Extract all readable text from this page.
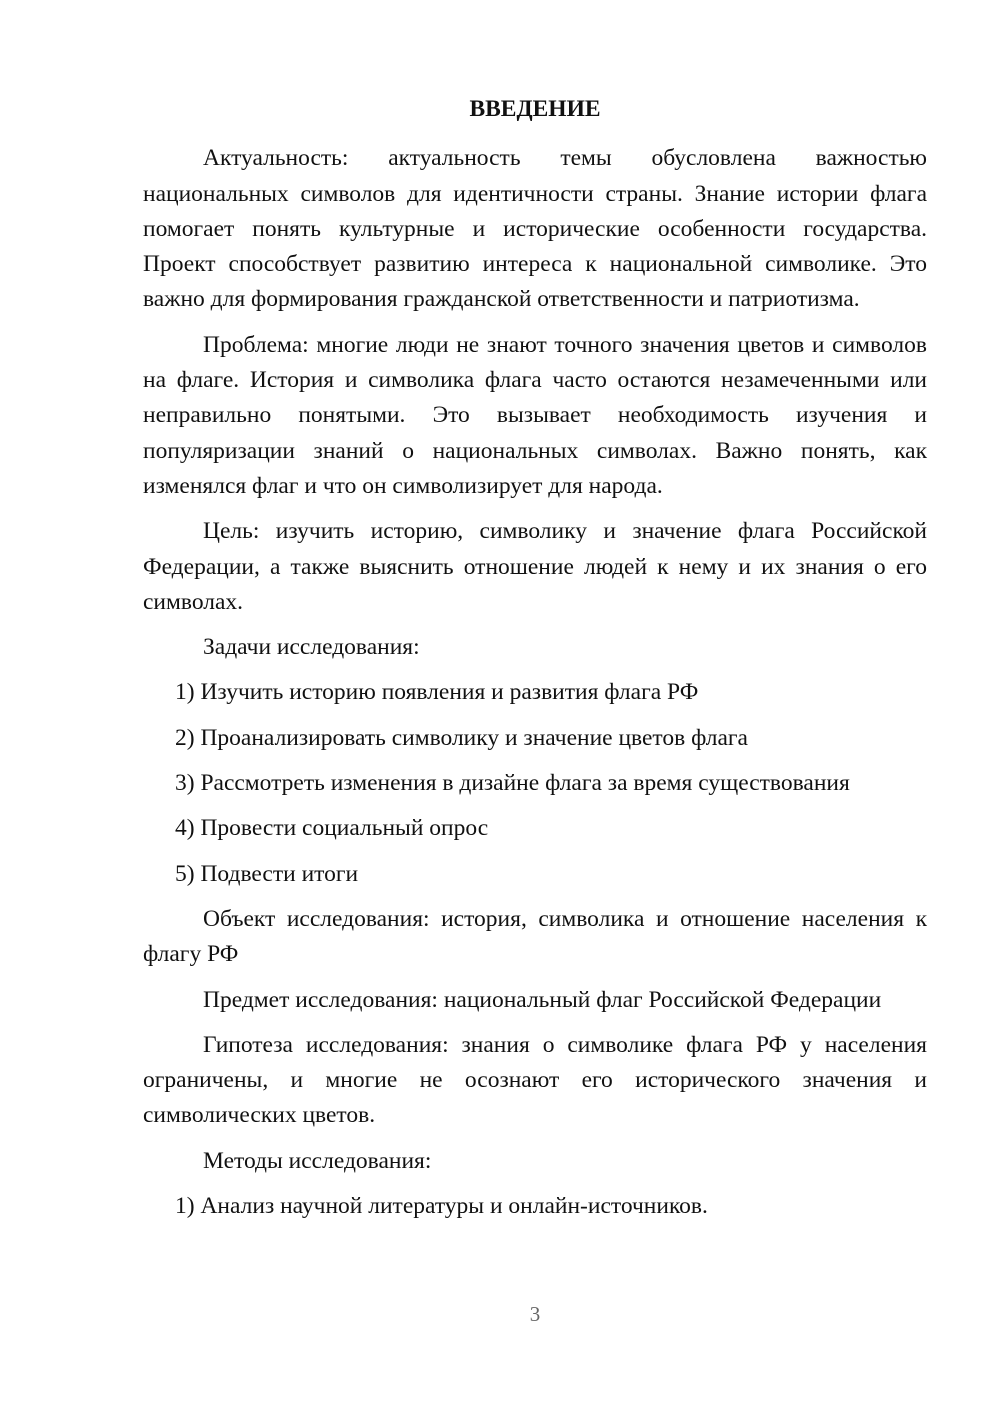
ВВЕДЕНИЕ

Актуальность: актуальность темы обусловлена важностью национальных символов для идентичности страны. Знание истории флага помогает понять культурные и исторические особенности государства. Проект способствует развитию интереса к национальной символике. Это важно для формирования гражданской ответственности и патриотизма.

Проблема: многие люди не знают точного значения цветов и символов на флаге. История и символика флага часто остаются незамеченными или неправильно понятыми. Это вызывает необходимость изучения и популяризации знаний о национальных символах. Важно понять, как изменялся флаг и что он символизирует для народа.

Цель: изучить историю, символику и значение флага Российской Федерации, а также выяснить отношение людей к нему и их знания о его символах.

Задачи исследования:

1) Изучить историю появления и развития флага РФ

2) Проанализировать символику и значение цветов флага

3) Рассмотреть изменения в дизайне флага за время существования

4) Провести социальный опрос

5) Подвести итоги

Объект исследования: история, символика и отношение населения к флагу РФ

Предмет исследования: национальный флаг Российской Федерации

Гипотеза исследования: знания о символике флага РФ у населения ограничены, и многие не осознают его исторического значения и символических цветов.

Методы исследования:

1) Анализ научной литературы и онлайн-источников.

3
